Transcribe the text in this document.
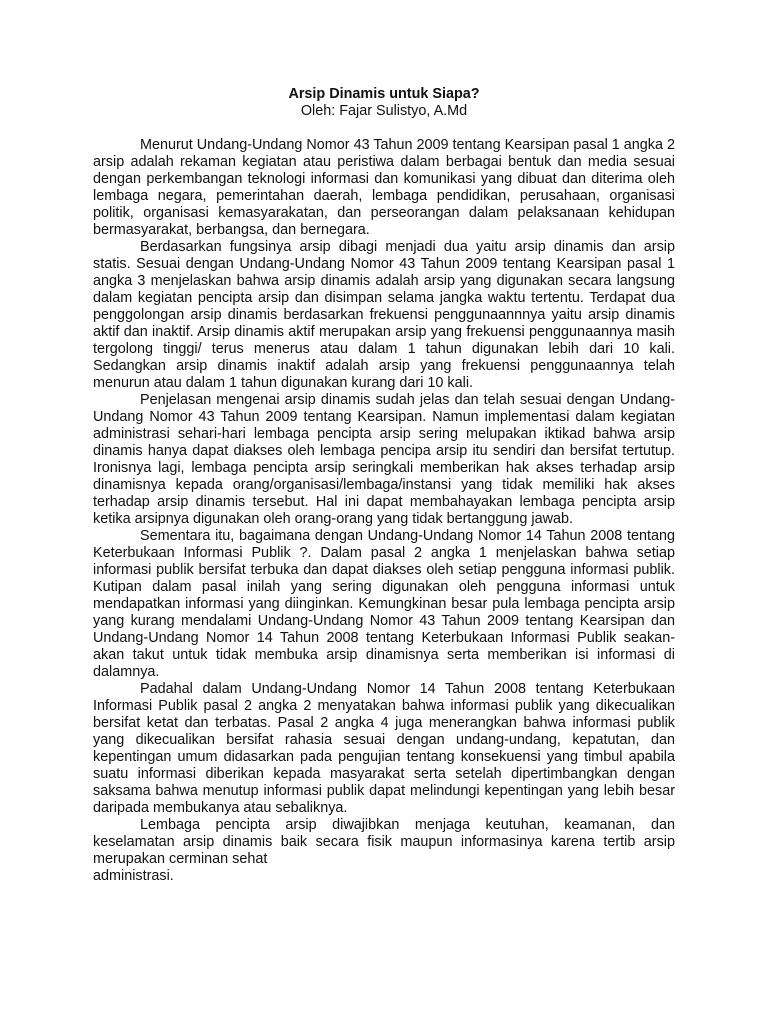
Arsip Dinamis untuk Siapa?

Oleh: Fajar Sulistyo, A.Md

Menurut Undang-Undang Nomor 43 Tahun 2009 tentang Kearsipan pasal 1 angka 2 arsip adalah rekaman kegiatan atau peristiwa dalam berbagai bentuk dan media sesuai dengan perkembangan teknologi informasi dan komunikasi yang dibuat dan diterima oleh lembaga negara, pemerintahan daerah, lembaga pendidikan, perusahaan, organisasi politik, organisasi kemasyarakatan, dan perseorangan dalam pelaksanaan kehidupan bermasyarakat, berbangsa, dan bernegara.

Berdasarkan fungsinya arsip dibagi menjadi dua yaitu arsip dinamis dan arsip statis. Sesuai dengan Undang-Undang Nomor 43 Tahun 2009 tentang Kearsipan pasal 1 angka 3 menjelaskan bahwa arsip dinamis adalah arsip yang digunakan secara langsung dalam kegiatan pencipta arsip dan disimpan selama jangka waktu tertentu. Terdapat dua penggolongan arsip dinamis berdasarkan frekuensi penggunaannnya yaitu arsip dinamis aktif dan inaktif. Arsip dinamis aktif merupakan arsip yang frekuensi penggunaannya masih tergolong tinggi/ terus menerus atau dalam 1 tahun digunakan lebih dari 10 kali. Sedangkan arsip dinamis inaktif adalah arsip yang frekuensi penggunaannya telah menurun atau dalam 1 tahun digunakan kurang dari 10 kali.

Penjelasan mengenai arsip dinamis sudah jelas dan telah sesuai dengan Undang-Undang Nomor 43 Tahun 2009 tentang Kearsipan. Namun implementasi dalam kegiatan administrasi sehari-hari lembaga pencipta arsip sering melupakan iktikad bahwa arsip dinamis hanya dapat diakses oleh lembaga pencipa arsip itu sendiri dan bersifat tertutup. Ironisnya lagi, lembaga pencipta arsip seringkali memberikan hak akses terhadap arsip dinamisnya kepada orang/organisasi/lembaga/instansi yang tidak memiliki hak akses terhadap arsip dinamis tersebut. Hal ini dapat membahayakan lembaga pencipta arsip ketika arsipnya digunakan oleh orang-orang yang tidak bertanggung jawab.

Sementara itu, bagaimana dengan Undang-Undang Nomor 14 Tahun 2008 tentang Keterbukaan Informasi Publik ?. Dalam pasal 2 angka 1 menjelaskan bahwa setiap informasi publik bersifat terbuka dan dapat diakses oleh setiap pengguna informasi publik. Kutipan dalam pasal inilah yang sering digunakan oleh pengguna informasi untuk mendapatkan informasi yang diinginkan. Kemungkinan besar pula lembaga pencipta arsip yang kurang mendalami Undang-Undang Nomor 43 Tahun 2009 tentang Kearsipan dan Undang-Undang Nomor 14 Tahun 2008 tentang Keterbukaan Informasi Publik seakan-akan takut untuk tidak membuka arsip dinamisnya serta memberikan isi informasi di dalamnya.

Padahal dalam Undang-Undang Nomor 14 Tahun 2008 tentang Keterbukaan Informasi Publik pasal 2 angka 2 menyatakan bahwa informasi publik yang dikecualikan bersifat ketat dan terbatas. Pasal 2 angka 4 juga menerangkan bahwa informasi publik yang dikecualikan bersifat rahasia sesuai dengan undang-undang, kepatutan, dan kepentingan umum didasarkan pada pengujian tentang konsekuensi yang timbul apabila suatu informasi diberikan kepada masyarakat serta setelah dipertimbangkan dengan saksama bahwa menutup informasi publik dapat melindungi kepentingan yang lebih besar daripada membukanya atau sebaliknya.

Lembaga pencipta arsip diwajibkan menjaga keutuhan, keamanan, dan keselamatan arsip dinamis baik secara fisik maupun informasinya karena tertib arsip merupakan cerminan sehat

administrasi.
